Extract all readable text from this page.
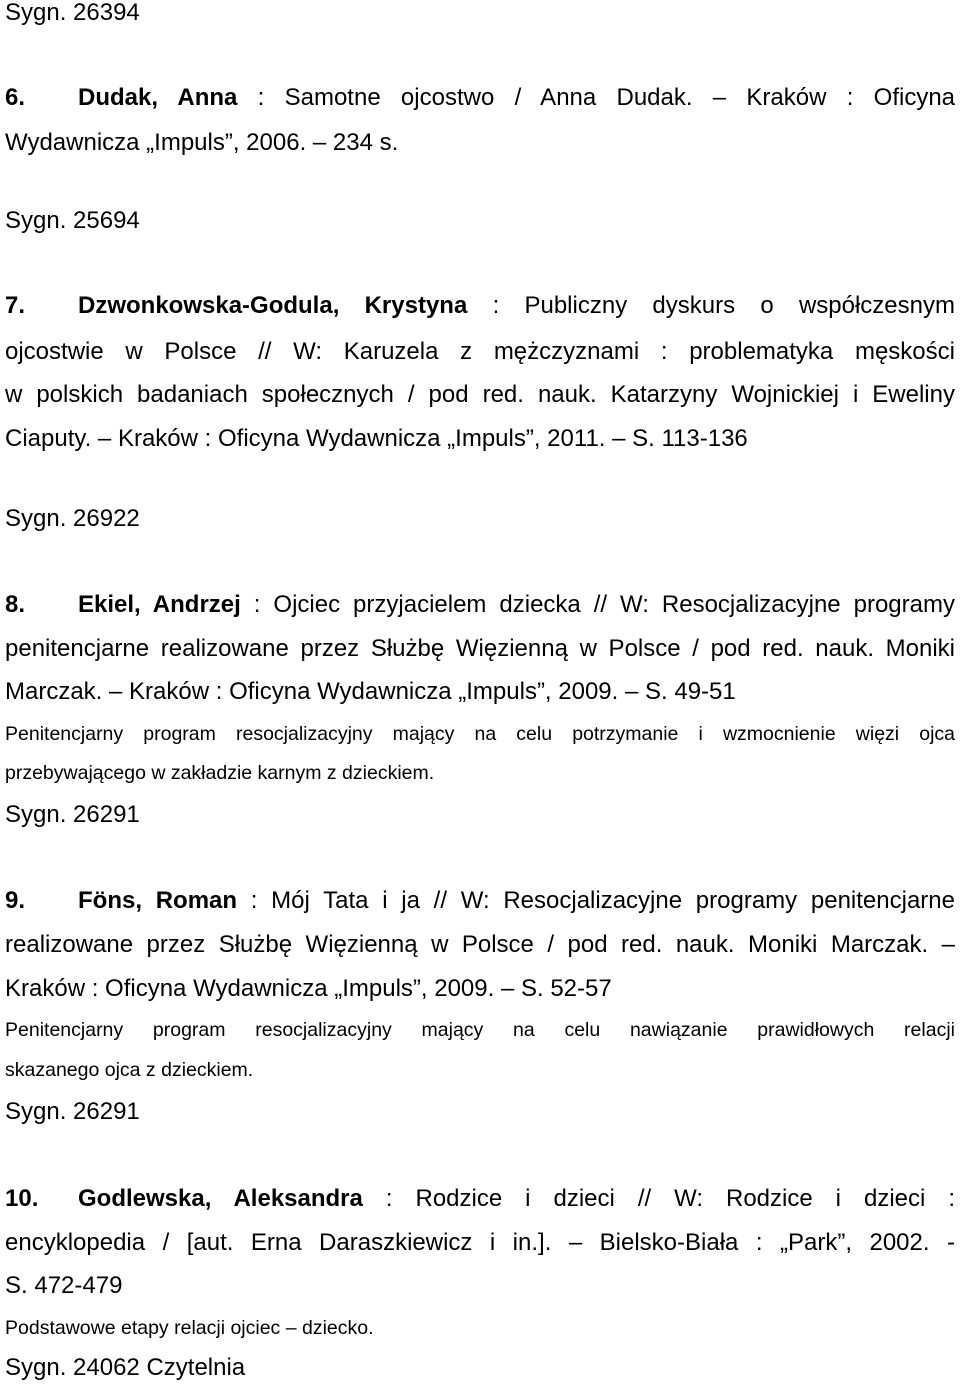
Sygn. 26394

6. Dudak, Anna : Samotne ojcostwo / Anna Dudak. – Kraków : Oficyna

Wydawnicza „Impuls”, 2006. – 234 s.

Sygn. 25694

7. Dzwonkowska-Godula, Krystyna : Publiczny dyskurs o współczesnym

ojcostwie w Polsce // W: Karuzela z mężczyznami : problematyka męskości

w polskich badaniach społecznych / pod red. nauk. Katarzyny Wojnickiej i Eweliny

Ciaputy. – Kraków : Oficyna Wydawnicza „Impuls”, 2011. – S. 113-136

Sygn. 26922

8. Ekiel, Andrzej : Ojciec przyjacielem dziecka // W: Resocjalizacyjne programy

penitencjarne realizowane przez Służbę Więzienną w Polsce / pod red. nauk. Moniki

Marczak. – Kraków : Oficyna Wydawnicza „Impuls”, 2009. – S. 49-51

Penitencjarny program resocjalizacyjny mający na celu potrzymanie i wzmocnienie więzi ojca

przebywającego w zakładzie karnym z dzieckiem.

Sygn. 26291

9. Föns, Roman : Mój Tata i ja // W: Resocjalizacyjne programy penitencjarne

realizowane przez Służbę Więzienną w Polsce / pod red. nauk. Moniki Marczak. –

Kraków : Oficyna Wydawnicza „Impuls”, 2009. – S. 52-57

Penitencjarny program resocjalizacyjny mający na celu nawiązanie prawidłowych relacji

skazanego ojca z dzieckiem.

Sygn. 26291

10. Godlewska, Aleksandra : Rodzice i dzieci // W: Rodzice i dzieci :

encyklopedia / [aut. Erna Daraszkiewicz i in.]. – Bielsko-Biała : „Park”, 2002. -

S. 472-479

Podstawowe etapy relacji ojciec – dziecko.

Sygn. 24062 Czytelnia
